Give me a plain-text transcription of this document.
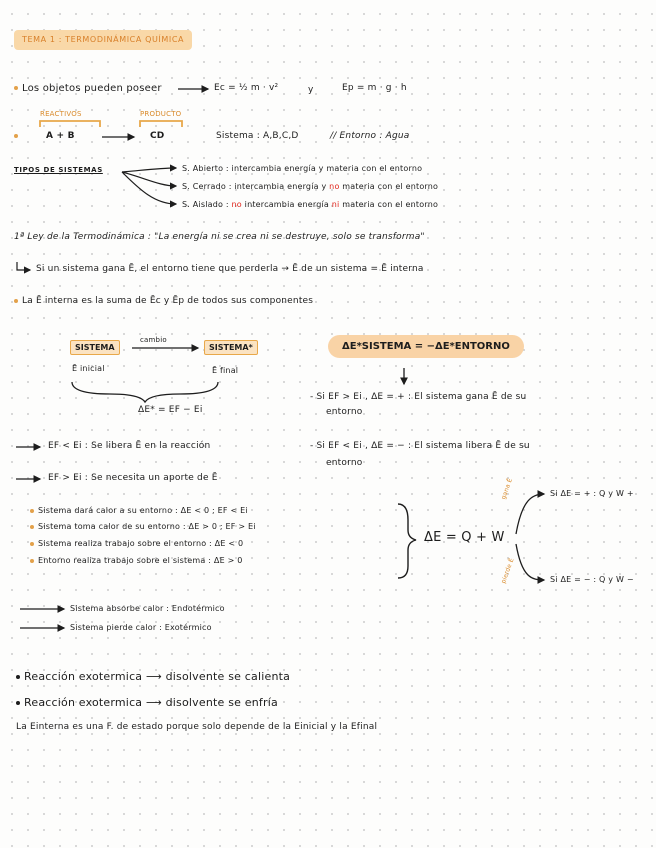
TEMA 1 : TERMODINÁMICA QUÍMICA
Los objetos pueden poseer	Ec = ½ m · v²	y	Ep = m · g · h
REACTIVOS	PRODUCTO
A + B	CD	Sistema : A,B,C,D	// Entorno : Agua
TIPOS DE SISTEMAS	S. Abierto : intercambia energía y materia con el entorno
S. Cerrado : intercambia energía y no materia con el entorno
S. Aislado : no intercambia energía ni materia con el entorno
1ª Ley de la Termodinámica : "La energía ni se crea ni se destruye, solo se transforma"
Si un sistema gana Ē, el entorno tiene que perderla → Ē de un sistema = Ē interna
La Ē interna es la suma de Ēc y Ēp de todos sus componentes
SISTEMA
cambio
SISTEMA*
Ē inicial	Ē final
ΔE* = EF − Ei
ΔE*SISTEMA = −ΔE*ENTORNO
- Si EF > Ei , ΔE = + : El sistema gana Ē de su
entorno
- Si EF < Ei , ΔE = − : El sistema libera Ē de su
entorno
EF < Ei : Se libera Ē en la reacción
EF > Ei : Se necesita un aporte de Ē
Sistema dará calor a su entorno : ΔE < 0 ; EF < Ei
Sistema toma calor de su entorno : ΔE > 0 ; EF > Ei
Sistema realiza trabajo sobre el entorno : ΔE < 0
Entorno realiza trabajo sobre el sistema : ΔE > 0
ΔE = Q + W
gana Ē
pierde Ē
Si ΔE = + : Q y W +
Si ΔE = − : Q y W −
Sistema absorbe calor : Endotérmico
Sistema pierde calor : Exotérmico
Reacción exotermica ⟶ disolvente se calienta
Reacción exotermica ⟶ disolvente se enfría
La Einterna es una F. de estado porque solo depende de la Einicial y la Efinal
